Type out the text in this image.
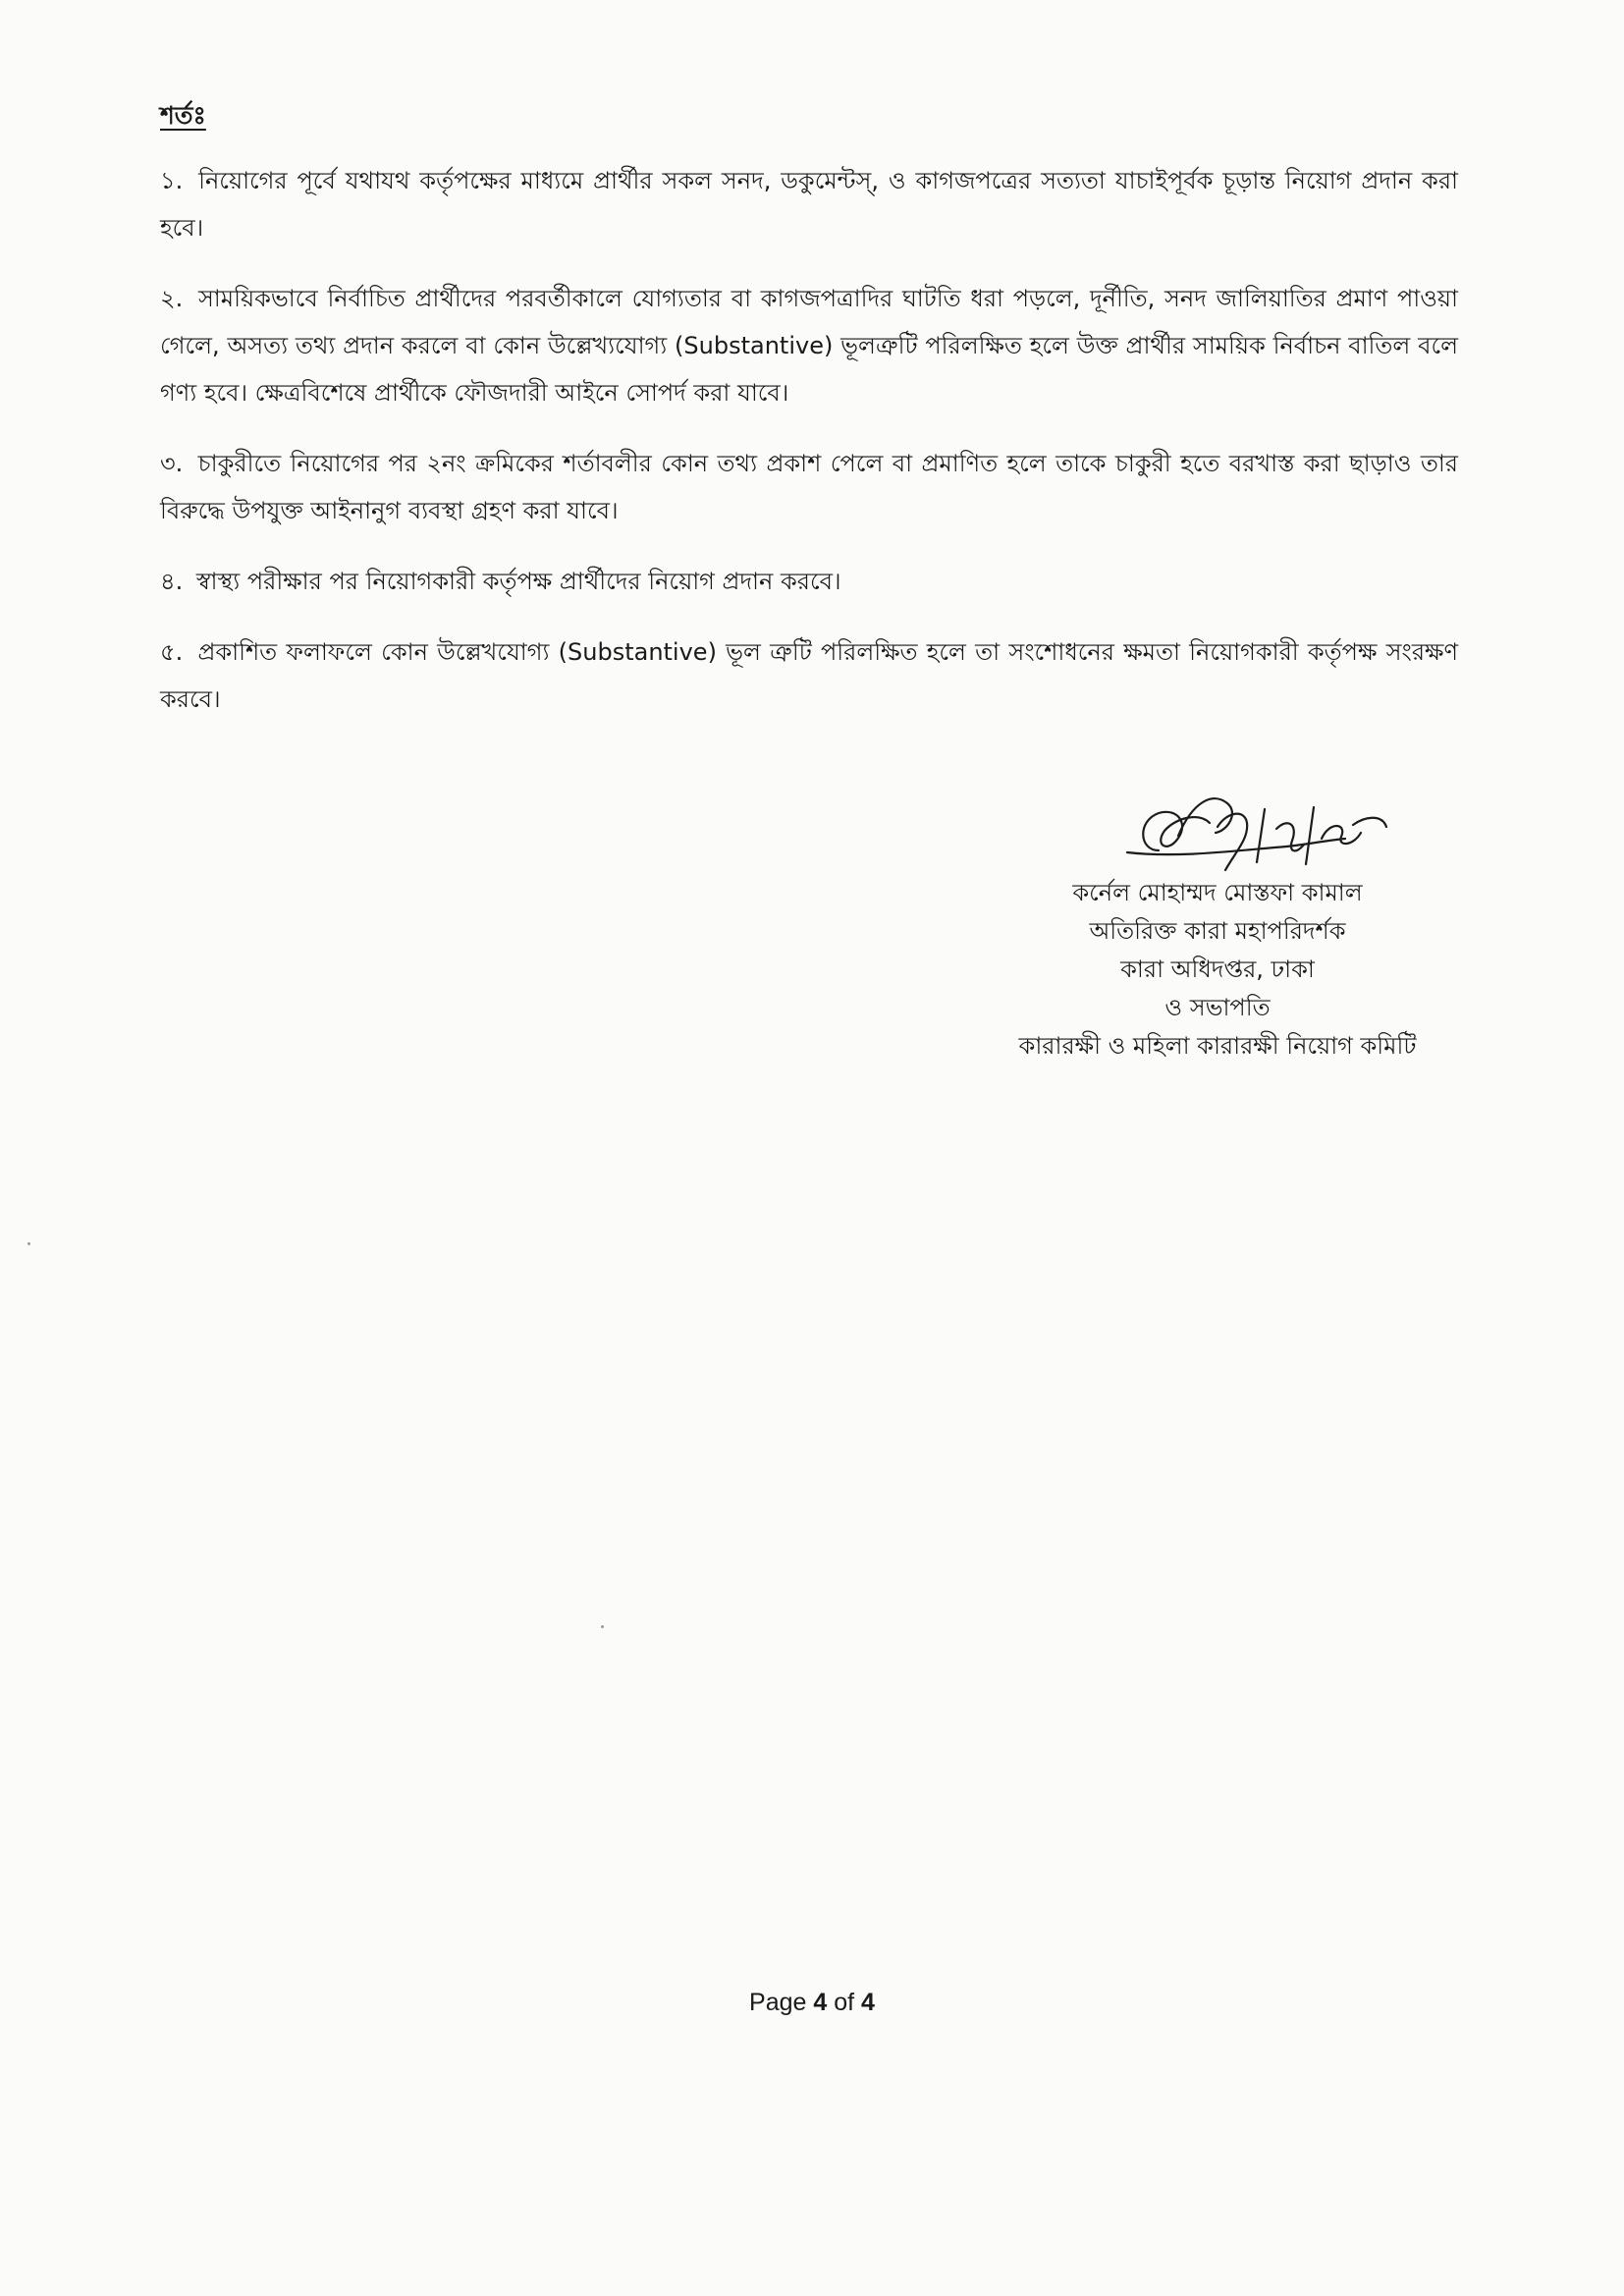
শর্তঃ

১. নিয়োগের পূর্বে যথাযথ কর্তৃপক্ষের মাধ্যমে প্রার্থীর সকল সনদ, ডকুমেন্টস্, ও কাগজপত্রের সত্যতা যাচাইপূর্বক চূড়ান্ত নিয়োগ প্রদান করা হবে।

২. সাময়িকভাবে নির্বাচিত প্রার্থীদের পরবর্তীকালে যোগ্যতার বা কাগজপত্রাদির ঘাটতি ধরা পড়লে, দূর্নীতি, সনদ জালিয়াতির প্রমাণ পাওয়া গেলে, অসত্য তথ্য প্রদান করলে বা কোন উল্লেখ্যযোগ্য (Substantive) ভূলত্রুটি পরিলক্ষিত হলে উক্ত প্রার্থীর সাময়িক নির্বাচন বাতিল বলে গণ্য হবে। ক্ষেত্রবিশেষে প্রার্থীকে ফৌজদারী আইনে সোপর্দ করা যাবে।

৩. চাকুরীতে নিয়োগের পর ২নং ক্রমিকের শর্তাবলীর কোন তথ্য প্রকাশ পেলে বা প্রমাণিত হলে তাকে চাকুরী হতে বরখাস্ত করা ছাড়াও তার বিরুদ্ধে উপযুক্ত আইনানুগ ব্যবস্থা গ্রহণ করা যাবে।

৪. স্বাস্থ্য পরীক্ষার পর নিয়োগকারী কর্তৃপক্ষ প্রার্থীদের নিয়োগ প্রদান করবে।

৫. প্রকাশিত ফলাফলে কোন উল্লেখযোগ্য (Substantive) ভূল ত্রুটি পরিলক্ষিত হলে তা সংশোধনের ক্ষমতা নিয়োগকারী কর্তৃপক্ষ সংরক্ষণ করবে।

কর্নেল মোহাম্মদ মোস্তফা কামাল
অতিরিক্ত কারা মহাপরিদর্শক
কারা অধিদপ্তর, ঢাকা
ও সভাপতি
কারারক্ষী ও মহিলা কারারক্ষী নিয়োগ কমিটি
Page 4 of 4
